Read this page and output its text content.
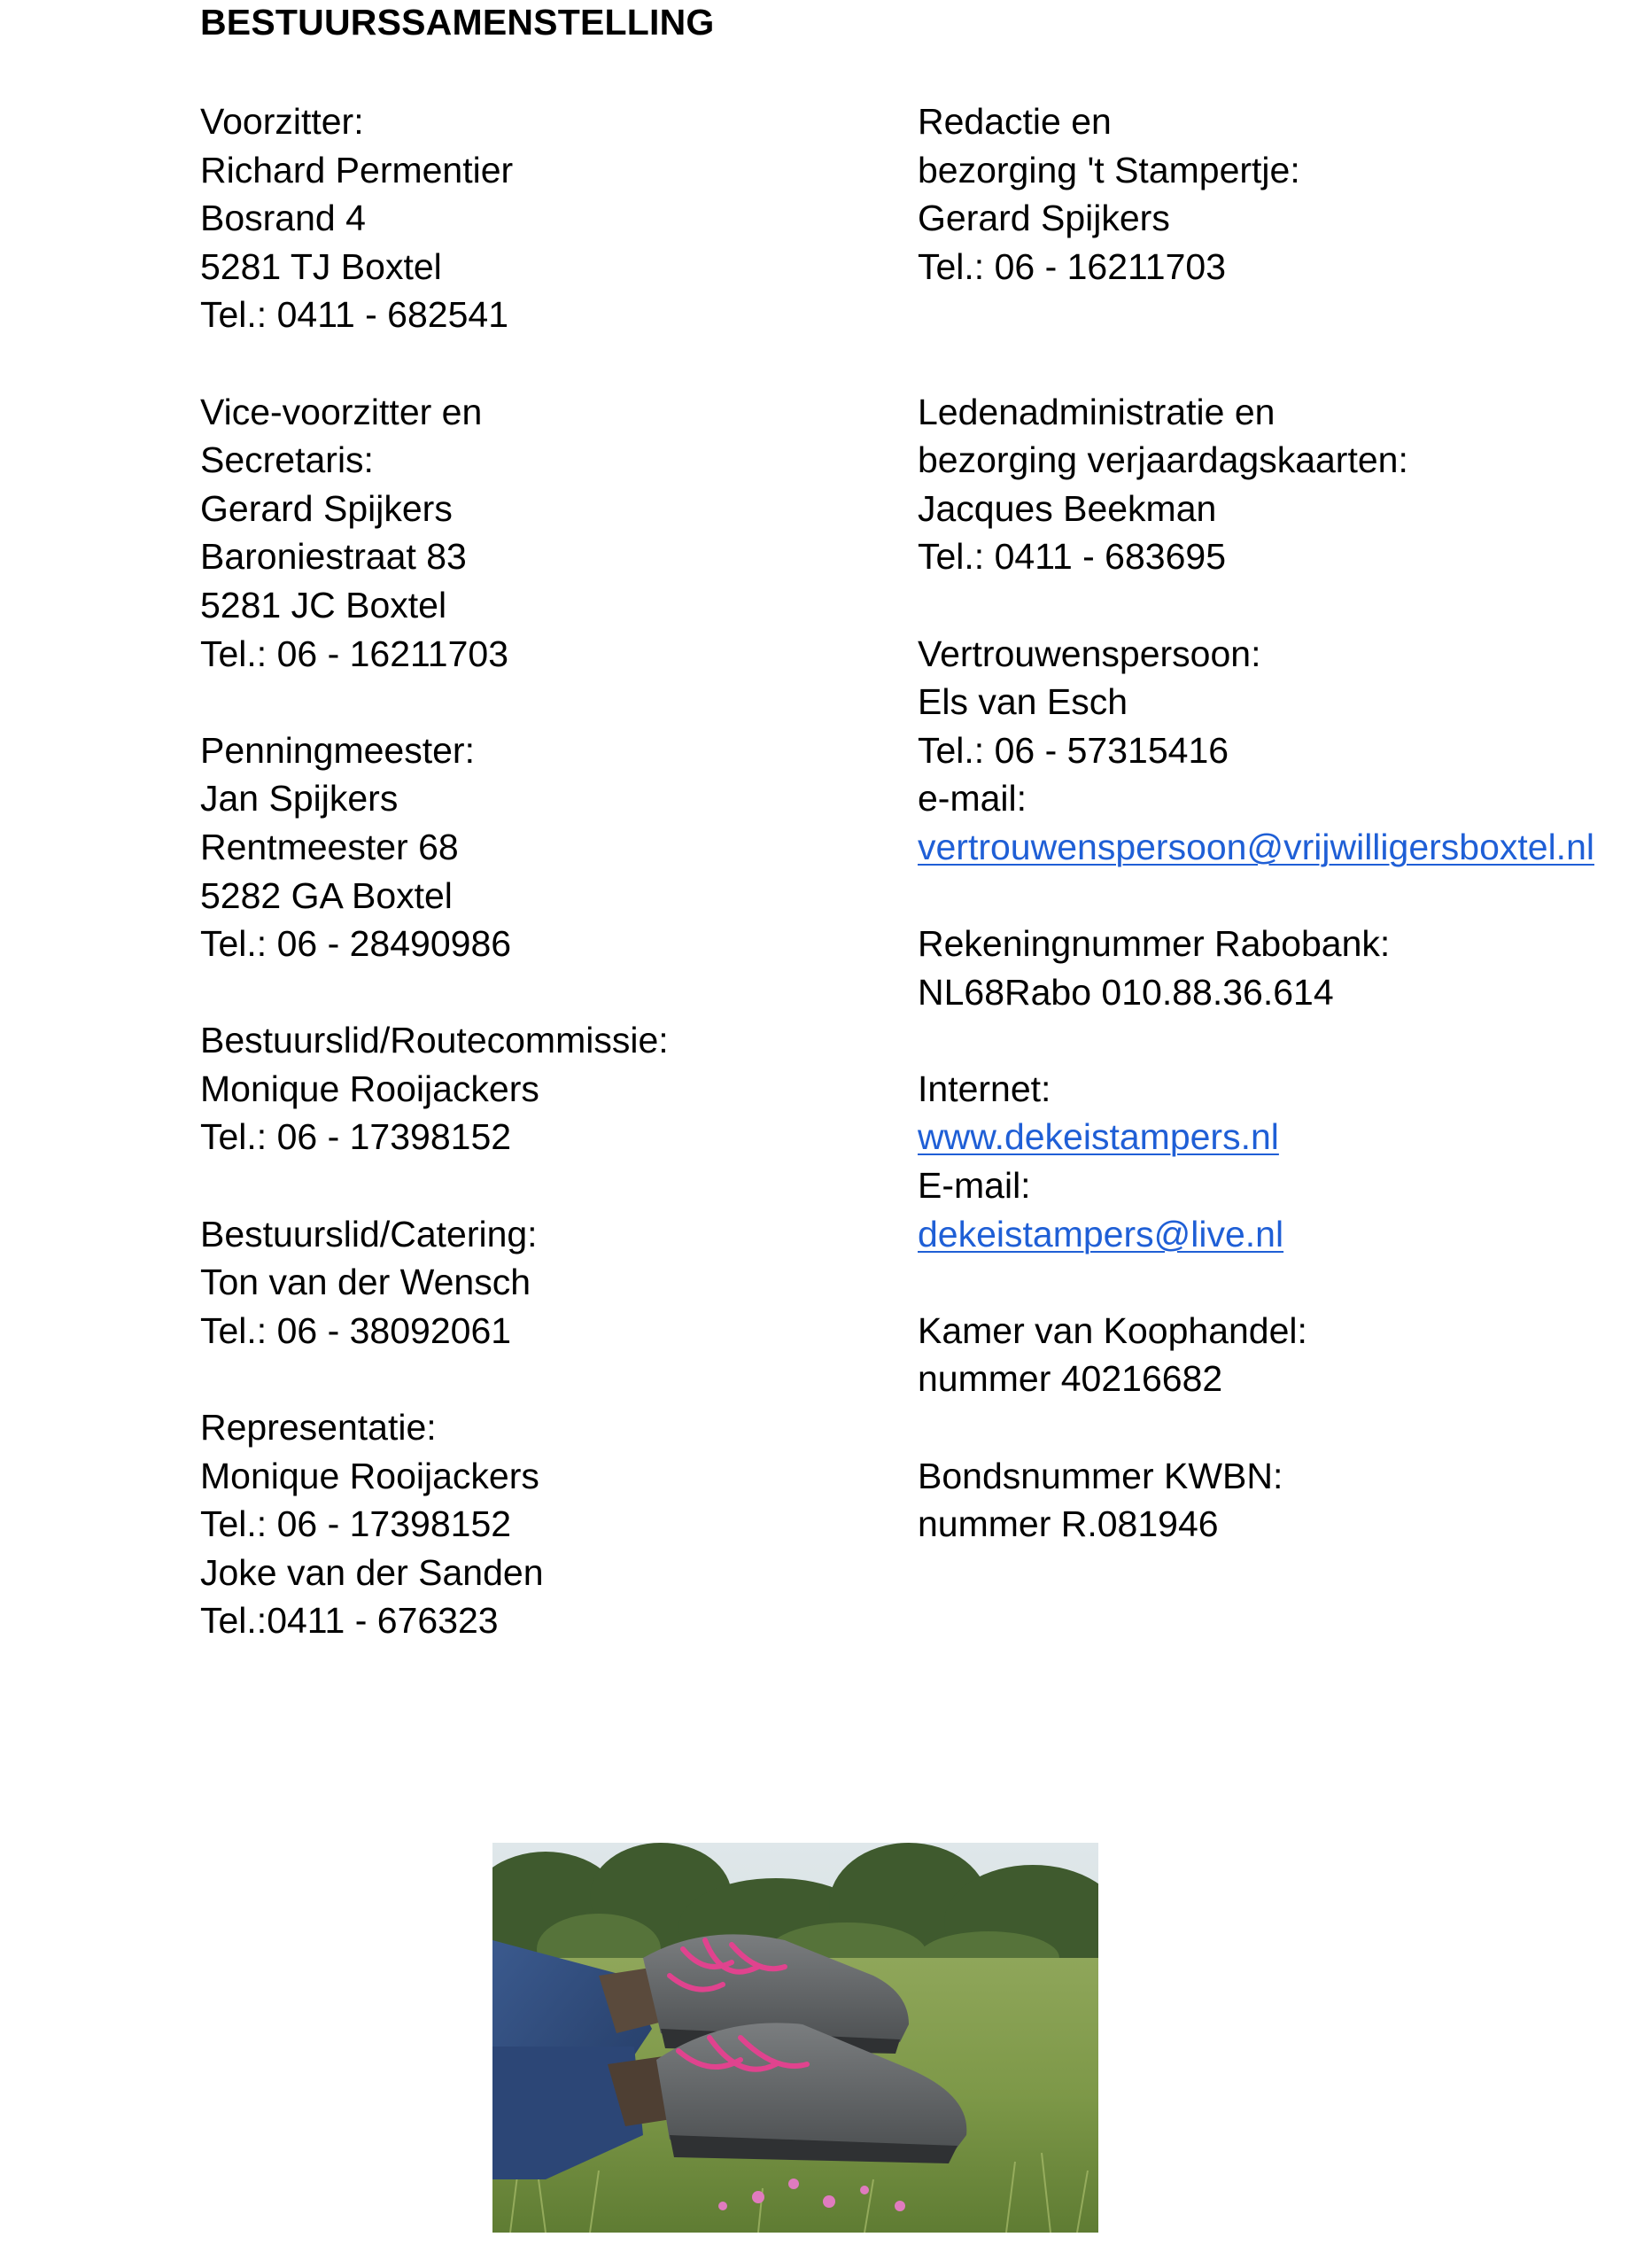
BESTUURSSAMENSTELLING
Voorzitter:
Richard Permentier
Bosrand 4
5281 TJ Boxtel
Tel.: 0411 - 682541
Vice-voorzitter en
Secretaris:
Gerard Spijkers
Baroniestraat 83
5281 JC Boxtel
Tel.: 06 - 16211703
Penningmeester:
Jan Spijkers
Rentmeester 68
5282 GA Boxtel
Tel.: 06 - 28490986
Bestuurslid/Routecommissie:
Monique Rooijackers
Tel.: 06 - 17398152
Bestuurslid/Catering:
Ton van der Wensch
Tel.: 06 - 38092061
Representatie:
Monique Rooijackers
Tel.: 06 - 17398152
Joke van der Sanden
Tel.:0411 - 676323
Redactie en
bezorging 't Stampertje:
Gerard Spijkers
Tel.: 06 - 16211703
Ledenadministratie en
bezorging verjaardagskaarten:
Jacques Beekman
Tel.: 0411 - 683695
Vertrouwenspersoon:
Els van Esch
Tel.: 06 - 57315416
e-mail:
vertrouwenspersoon@vrijwilligersboxtel.nl
Rekeningnummer Rabobank:
NL68Rabo 010.88.36.614
Internet:
www.dekeistampers.nl
E-mail:
dekeistampers@live.nl
Kamer van Koophandel:
nummer 40216682
Bondsnummer KWBN:
nummer R.081946
